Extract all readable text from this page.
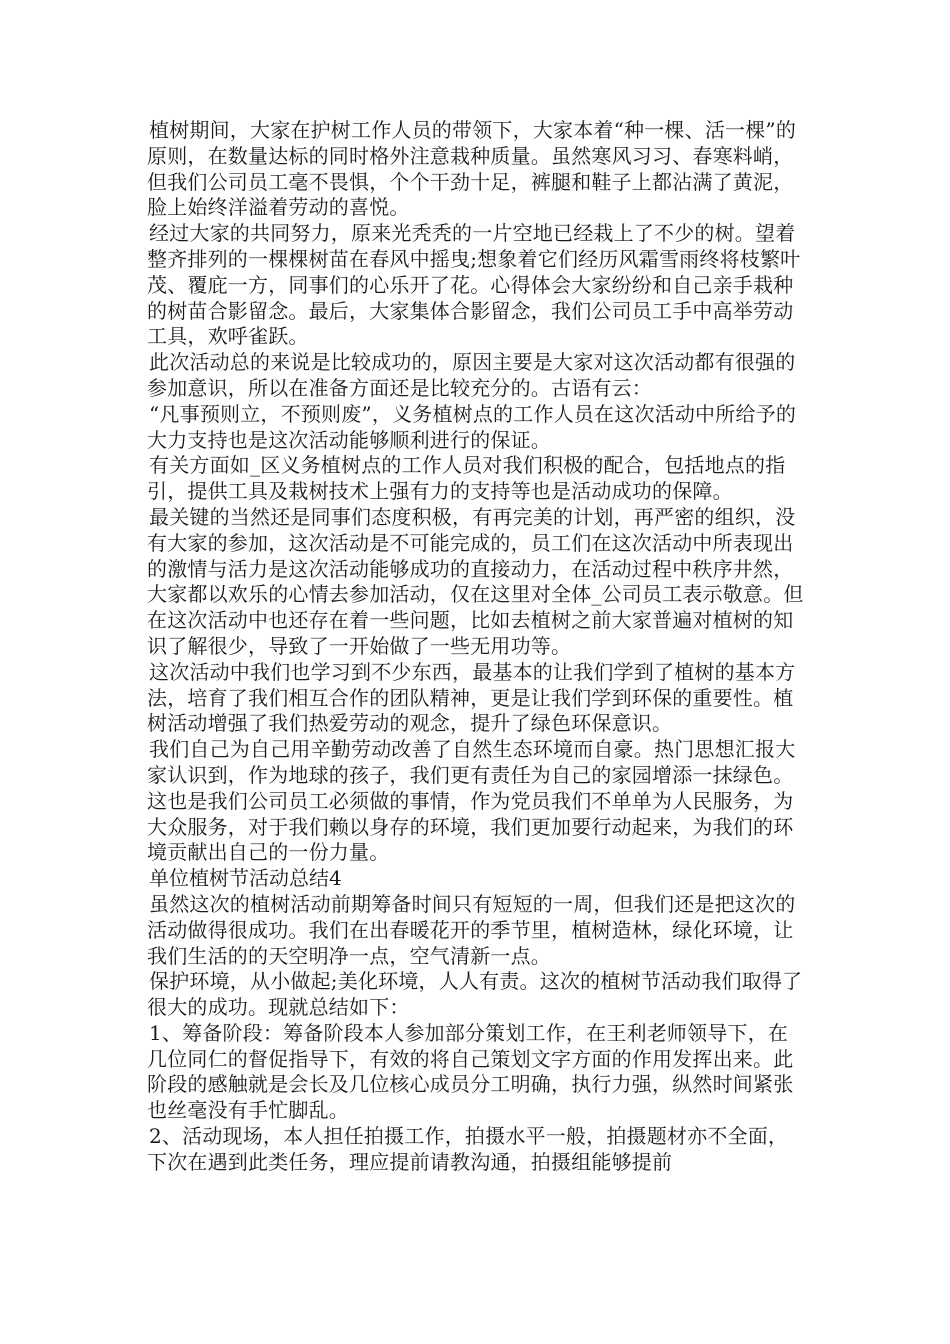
植树期间，大家在护树工作人员的带领下，大家本着“种一棵、活一棵”的原则，在数量达标的同时格外注意栽种质量。虽然寒风习习、春寒料峭，但我们公司员工毫不畏惧，个个干劲十足，裤腿和鞋子上都沾满了黄泥，脸上始终洋溢着劳动的喜悦。

经过大家的共同努力，原来光秃秃的一片空地已经栽上了不少的树。望着整齐排列的一棵棵树苗在春风中摇曳;想象着它们经历风霜雪雨终将枝繁叶茂、覆庇一方，同事们的心乐开了花。心得体会大家纷纷和自己亲手栽种的树苗合影留念。最后，大家集体合影留念，我们公司员工手中高举劳动工具，欢呼雀跃。

此次活动总的来说是比较成功的，原因主要是大家对这次活动都有很强的参加意识，所以在准备方面还是比较充分的。古语有云：

“凡事预则立，不预则废”，义务植树点的工作人员在这次活动中所给予的大力支持也是这次活动能够顺利进行的保证。

有关方面如_区义务植树点的工作人员对我们积极的配合，包括地点的指引，提供工具及栽树技术上强有力的支持等也是活动成功的保障。

最关键的当然还是同事们态度积极，有再完美的计划，再严密的组织，没有大家的参加，这次活动是不可能完成的，员工们在这次活动中所表现出的激情与活力是这次活动能够成功的直接动力，在活动过程中秩序井然，大家都以欢乐的心情去参加活动，仅在这里对全体_公司员工表示敬意。但在这次活动中也还存在着一些问题，比如去植树之前大家普遍对植树的知识了解很少，导致了一开始做了一些无用功等。

这次活动中我们也学习到不少东西，最基本的让我们学到了植树的基本方法，培育了我们相互合作的团队精神，更是让我们学到环保的重要性。植树活动增强了我们热爱劳动的观念，提升了绿色环保意识。

我们自己为自己用辛勤劳动改善了自然生态环境而自豪。热门思想汇报大家认识到，作为地球的孩子，我们更有责任为自己的家园增添一抹绿色。这也是我们公司员工必须做的事情，作为党员我们不单单为人民服务，为大众服务，对于我们赖以身存的环境，我们更加要行动起来，为我们的环境贡献出自己的一份力量。

单位植树节活动总结4

虽然这次的植树活动前期筹备时间只有短短的一周，但我们还是把这次的活动做得很成功。我们在出春暖花开的季节里，植树造林，绿化环境，让我们生活的的天空明净一点，空气清新一点。

保护环境，从小做起;美化环境，人人有责。这次的植树节活动我们取得了很大的成功。现就总结如下：

1、筹备阶段：筹备阶段本人参加部分策划工作，在王利老师领导下，在几位同仁的督促指导下，有效的将自己策划文字方面的作用发挥出来。此阶段的感触就是会长及几位核心成员分工明确，执行力强，纵然时间紧张也丝毫没有手忙脚乱。

2、活动现场，本人担任拍摄工作，拍摄水平一般，拍摄题材亦不全面，下次在遇到此类任务，理应提前请教沟通，拍摄组能够提前
